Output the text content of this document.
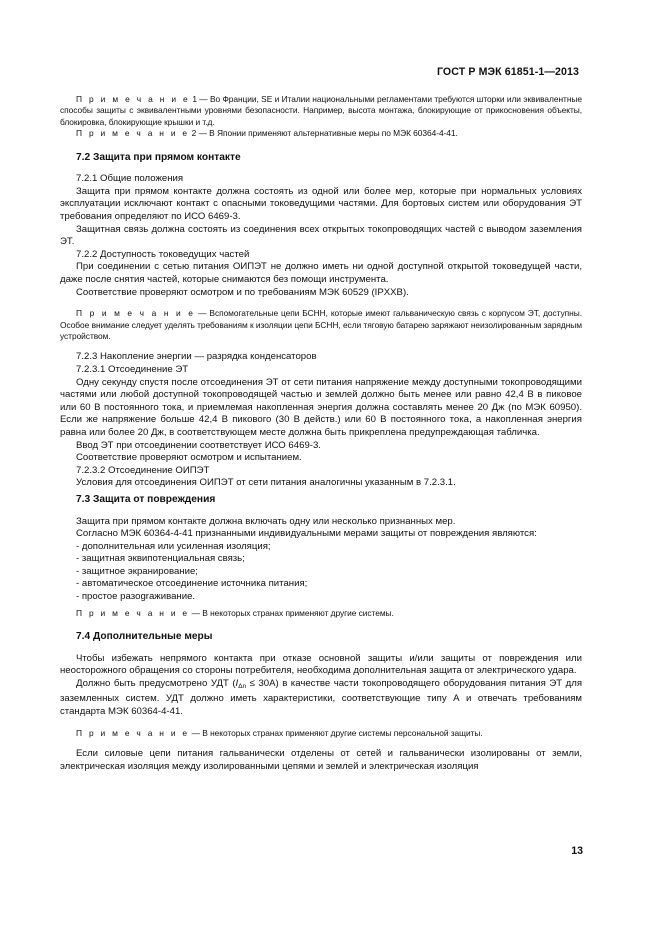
ГОСТ Р МЭК 61851-1—2013

П р и м е ч а н и е 1 — Во Франции, SE и Италии национальными регламентами требуются шторки или эквивалентные способы защиты с эквивалентными уровнями безопасности. Например, высота монтажа, блокирующие от прикосновения объекты, блокировка, блокирующие крышки и т.д.

П р и м е ч а н и е 2 — В Японии применяют альтернативные меры по МЭК 60364-4-41.

7.2 Защита при прямом контакте

7.2.1 Общие положения

Защита при прямом контакте должна состоять из одной или более мер, которые при нормальных условиях эксплуатации исключают контакт с опасными токоведущими частями. Для бортовых систем или оборудования ЭТ требования определяют по ИСО 6469-3.

Защитная связь должна состоять из соединения всех открытых токопроводящих частей с выводом заземления ЭТ.

7.2.2 Доступность токоведущих частей

При соединении с сетью питания ОИПЭТ не должно иметь ни одной доступной открытой токоведущей части, даже после снятия частей, которые снимаются без помощи инструмента.

Соответствие проверяют осмотром и по требованиям МЭК 60529 (IPXXB).

П р и м е ч а н и е — Вспомогательные цепи БСНН, которые имеют гальваническую связь с корпусом ЭТ, доступны. Особое внимание следует уделять требованиям к изоляции цепи БСНН, если тяговую батарею заряжают неизолированным зарядным устройством.

7.2.3 Накопление энергии — разрядка конденсаторов

7.2.3.1 Отсоединение ЭТ

Одну секунду спустя после отсоединения ЭТ от сети питания напряжение между доступными токопроводящими частями или любой доступной токопроводящей частью и землей должно быть менее или равно 42,4 В в пиковое или 60 В постоянного тока, и приемлемая накопленная энергия должна составлять менее 20 Дж (по МЭК 60950). Если же напряжение больше 42,4 В пикового (30 В действ.) или 60 В постоянного тока, а накопленная энергия равна или более 20 Дж, в соответствующем месте должна быть прикреплена предупреждающая табличка.

Ввод ЭТ при отсоединении соответствует ИСО 6469-3.

Соответствие проверяют осмотром и испытанием.

7.2.3.2 Отсоединение ОИПЭТ

Условия для отсоединения ОИПЭТ от сети питания аналогичны указанным в 7.2.3.1.

7.3 Защита от повреждения

Защита при прямом контакте должна включать одну или несколько признанных мер.

Согласно МЭК 60364-4-41 признанными индивидуальными мерами защиты от повреждения являются:

- дополнительная или усиленная изоляция;
- защитная эквипотенциальная связь;
- защитное экранирование;
- автоматическое отсоединение источника питания;
- простое разograживание.

П р и м е ч а н и е — В некоторых странах применяют другие системы.

7.4 Дополнительные меры

Чтобы избежать непрямого контакта при отказе основной защиты и/или защиты от повреждения или неосторожного обращения со стороны потребителя, необходима дополнительная защита от электрического удара.

Должно быть предусмотрено УДТ $(I_{\Delta n} \le 30А)$ в качестве части токопроводящего оборудования питания ЭТ для заземленных систем. УДТ должно иметь характеристики, соответствующие типу А и отвечать требованиям стандарта МЭК 60364-4-41.

П р и м е ч а н и е — В некоторых странах применяют другие системы персональной защиты.

Если силовые цепи питания гальванически отделены от сетей и гальванически изолированы от земли, электрическая изоляция между изолированными цепями и землей и электрическая изоляция

13
